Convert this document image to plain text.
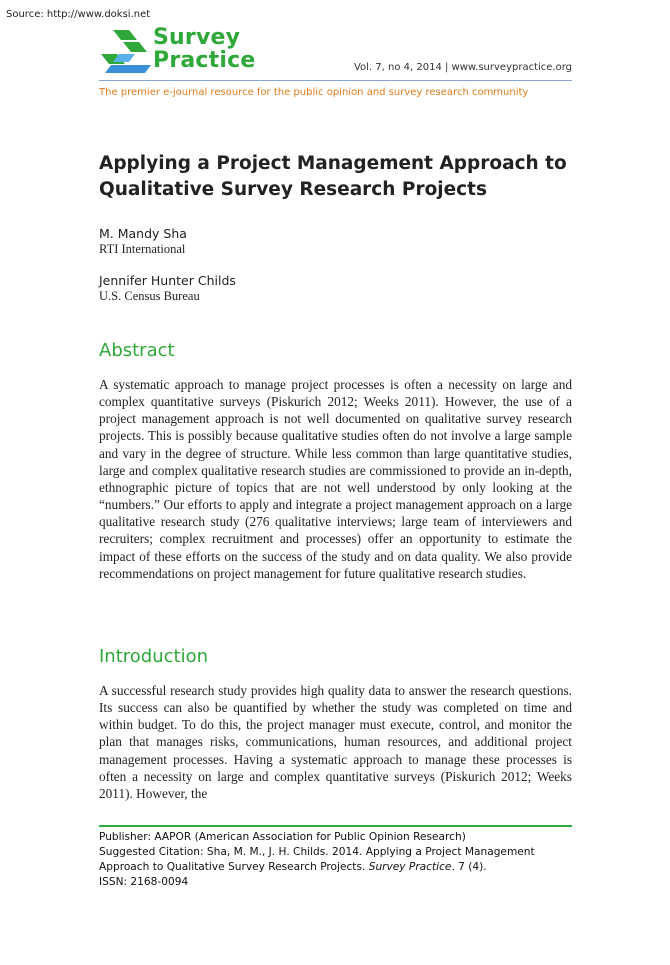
Source: http://www.doksi.net
Survey
Practice	Vol. 7, no 4, 2014 | www.surveypractice.org
The premier e-journal resource for the public opinion and survey research community
Applying a Project Management Approach to Qualitative Survey Research Projects
M. Mandy Sha
RTI International
Jennifer Hunter Childs
U.S. Census Bureau
Abstract
A systematic approach to manage project processes is often a necessity on large and complex quantitative surveys (Piskurich 2012; Weeks 2011). However, the use of a project management approach is not well documented on qualitative survey research projects. This is possibly because qualitative studies often do not involve a large sample and vary in the degree of structure. While less common than large quantitative studies, large and complex qualitative research studies are commissioned to provide an in-depth, ethnographic picture of topics that are not well understood by only looking at the “numbers.” Our efforts to apply and integrate a project management approach on a large qualitative research study (276 qualitative interviews; large team of interviewers and recruiters; complex recruitment and processes) offer an opportunity to estimate the impact of these efforts on the success of the study and on data quality. We also provide recommendations on project management for future qualitative research studies.
Introduction
A successful research study provides high quality data to answer the research questions. Its success can also be quantified by whether the study was completed on time and within budget. To do this, the project manager must execute, control, and monitor the plan that manages risks, communications, human resources, and additional project management processes. Having a systematic approach to manage these processes is often a necessity on large and complex quantitative surveys (Piskurich 2012; Weeks 2011). However, the
Publisher: AAPOR (American Association for Public Opinion Research)
Suggested Citation: Sha, M. M., J. H. Childs. 2014. Applying a Project Management Approach to Qualitative Survey Research Projects. Survey Practice. 7 (4).
ISSN: 2168-0094
